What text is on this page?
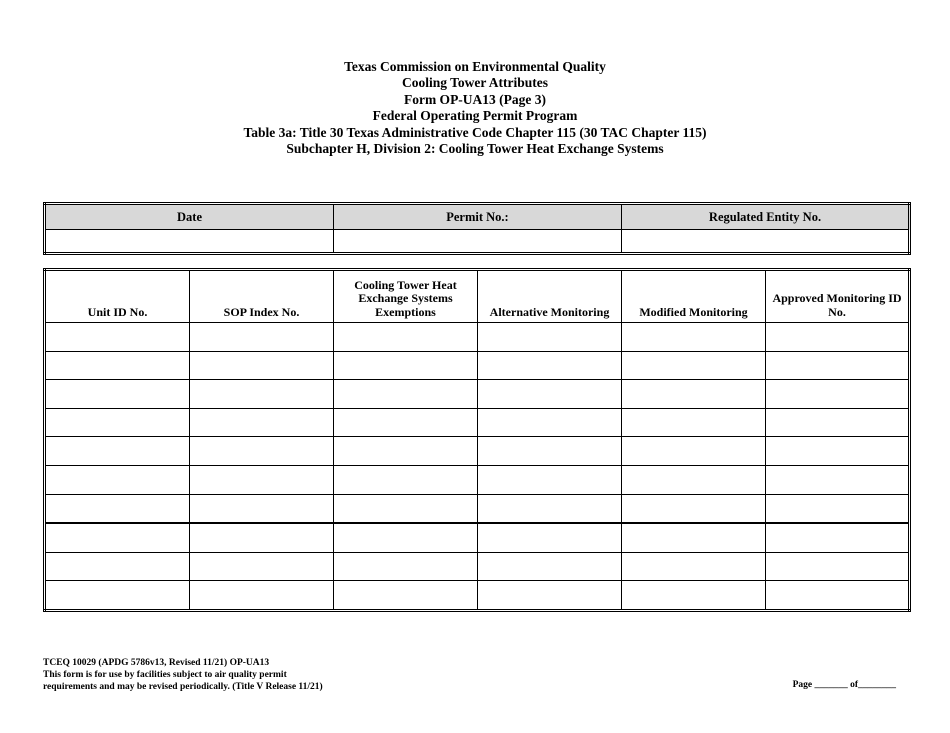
Texas Commission on Environmental Quality
Cooling Tower Attributes
Form OP-UA13 (Page 3)
Federal Operating Permit Program
Table 3a: Title 30 Texas Administrative Code Chapter 115 (30 TAC Chapter 115)
Subchapter H, Division 2: Cooling Tower Heat Exchange Systems
Date	Permit No.:	Regulated Entity No.

Unit ID No.	SOP Index No.	Cooling Tower Heat Exchange Systems Exemptions	Alternative Monitoring	Modified Monitoring	Approved Monitoring ID No.

TCEQ 10029 (APDG 5786v13, Revised 11/21) OP-UA13
This form is for use by facilities subject to air quality permit
requirements and may be revised periodically. (Title V Release 11/21)	Page _______ of________
